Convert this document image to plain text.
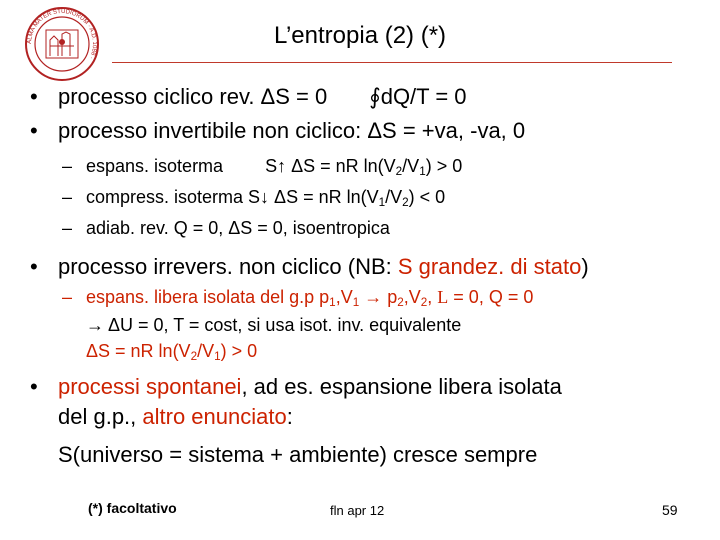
ALMA MATER STUDIORUM · A.D. 1088 ·
L’entropia (2) (*)
• processo ciclico rev. ΔS = 0 ∮dQ/T = 0
• processo invertibile non ciclico: ΔS = +va, -va, 0
– espans. isoterma S↑ ΔS = nR $\ln(V_2/V_1) > 0$
– compress. isoterma S↓ ΔS = nR $\ln(V_1/V_2) < 0$
– adiab. rev. Q = 0, ΔS = 0, isoentropica
• processo irrevers. non ciclico (NB: S grandez. di stato)
– espans. libera isolata del g.p $p_1,V_1 \to p_2,V_2$, L = 0, Q = 0
→ ΔU = 0, T = cost, si usa isot. inv. equivalente
ΔS = nR $\ln(V_2/V_1) > 0$
• processi spontanei, ad es. espansione libera isolata
del g.p., altro enunciato:
S(universo = sistema + ambiente) cresce sempre
(*) facoltativo	fln apr 12	59
